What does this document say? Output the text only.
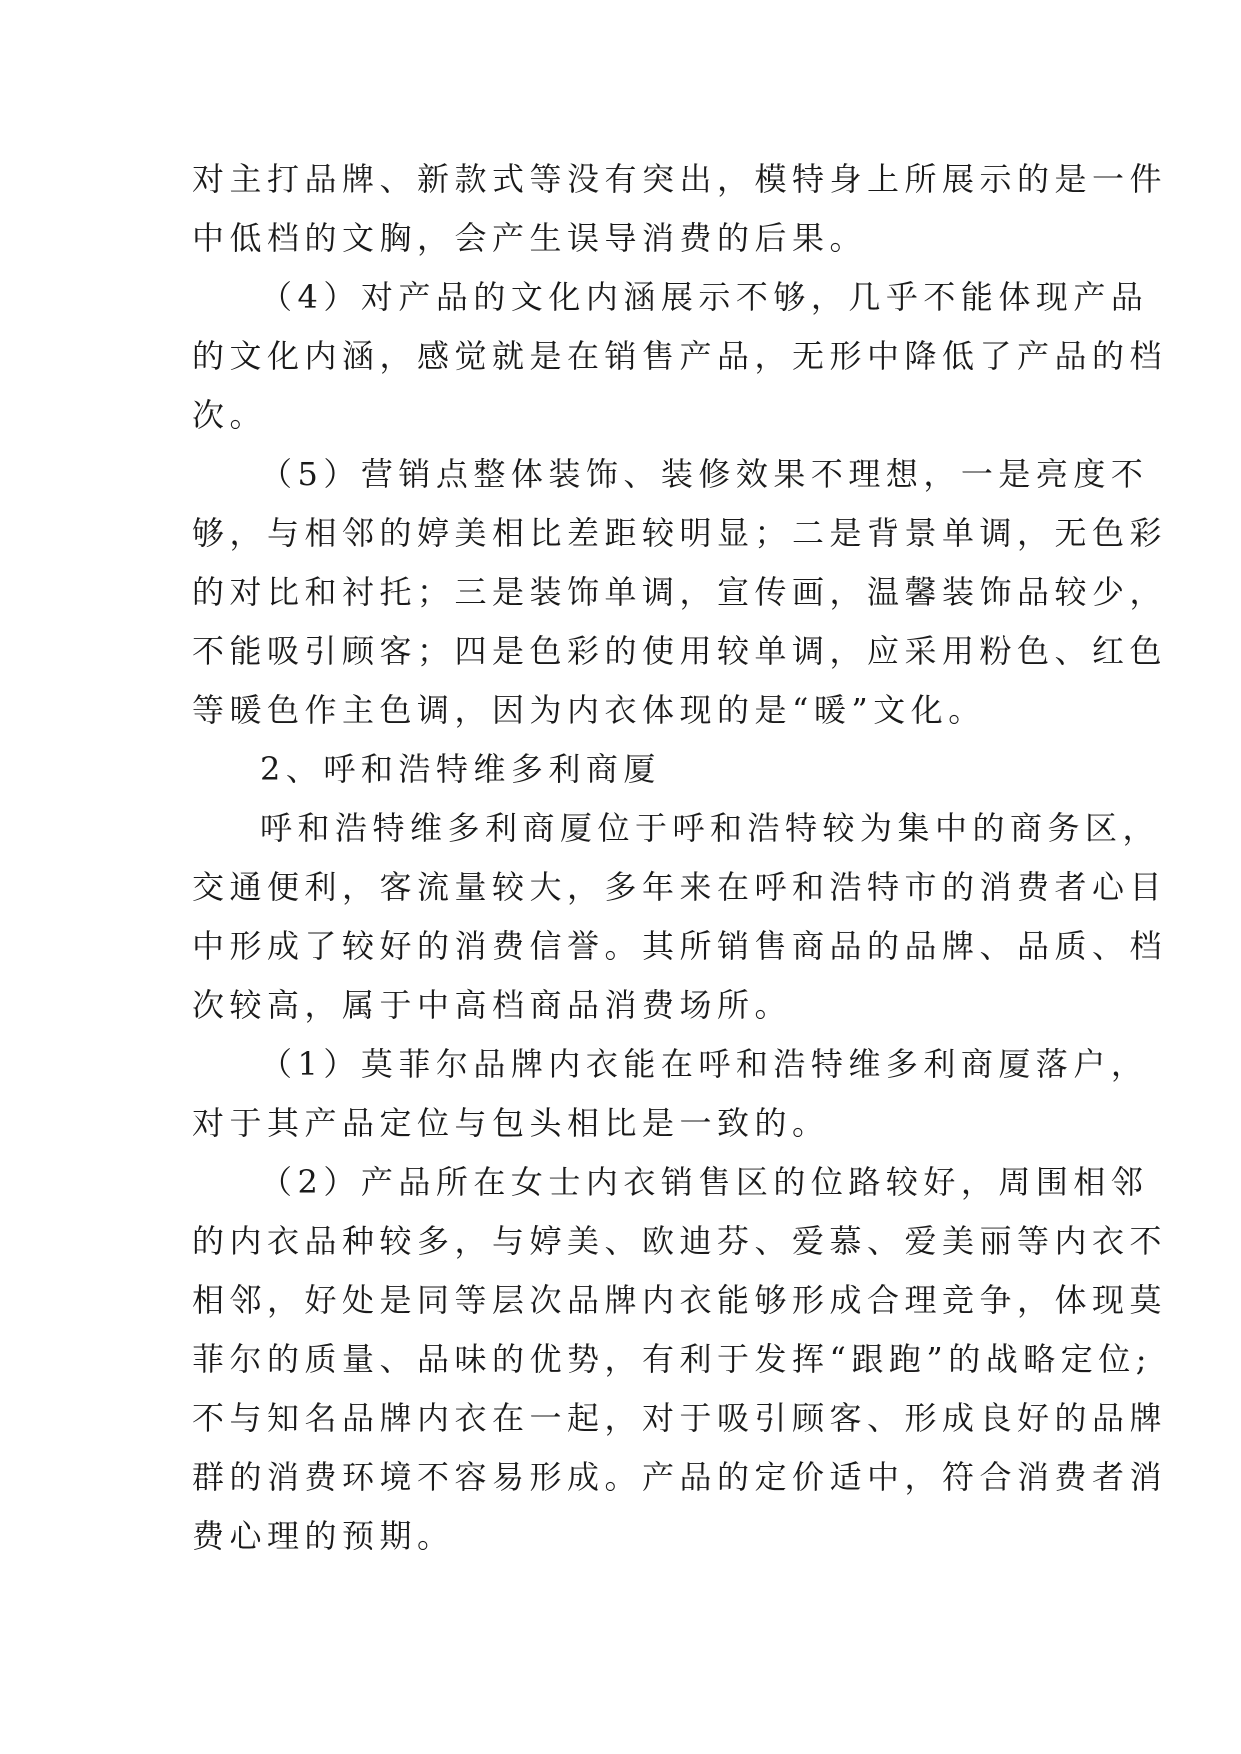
对主打品牌、新款式等没有突出，模特身上所展示的是一件
中低档的文胸，会产生误导消费的后果。
（4）对产品的文化内涵展示不够，几乎不能体现产品
的文化内涵，感觉就是在销售产品，无形中降低了产品的档
次。
（5）营销点整体装饰、装修效果不理想，一是亮度不
够，与相邻的婷美相比差距较明显；二是背景单调，无色彩
的对比和衬托；三是装饰单调，宣传画，温馨装饰品较少，
不能吸引顾客；四是色彩的使用较单调，应采用粉色、红色
等暖色作主色调，因为内衣体现的是“暖”文化。
2、呼和浩特维多利商厦
呼和浩特维多利商厦位于呼和浩特较为集中的商务区，
交通便利，客流量较大，多年来在呼和浩特市的消费者心目
中形成了较好的消费信誉。其所销售商品的品牌、品质、档
次较高，属于中高档商品消费场所。
（1）莫菲尔品牌内衣能在呼和浩特维多利商厦落户，
对于其产品定位与包头相比是一致的。
（2）产品所在女士内衣销售区的位路较好，周围相邻
的内衣品种较多，与婷美、欧迪芬、爱慕、爱美丽等内衣不
相邻，好处是同等层次品牌内衣能够形成合理竞争，体现莫
菲尔的质量、品味的优势，有利于发挥“跟跑”的战略定位;
不与知名品牌内衣在一起，对于吸引顾客、形成良好的品牌
群的消费环境不容易形成。产品的定价适中，符合消费者消
费心理的预期。
